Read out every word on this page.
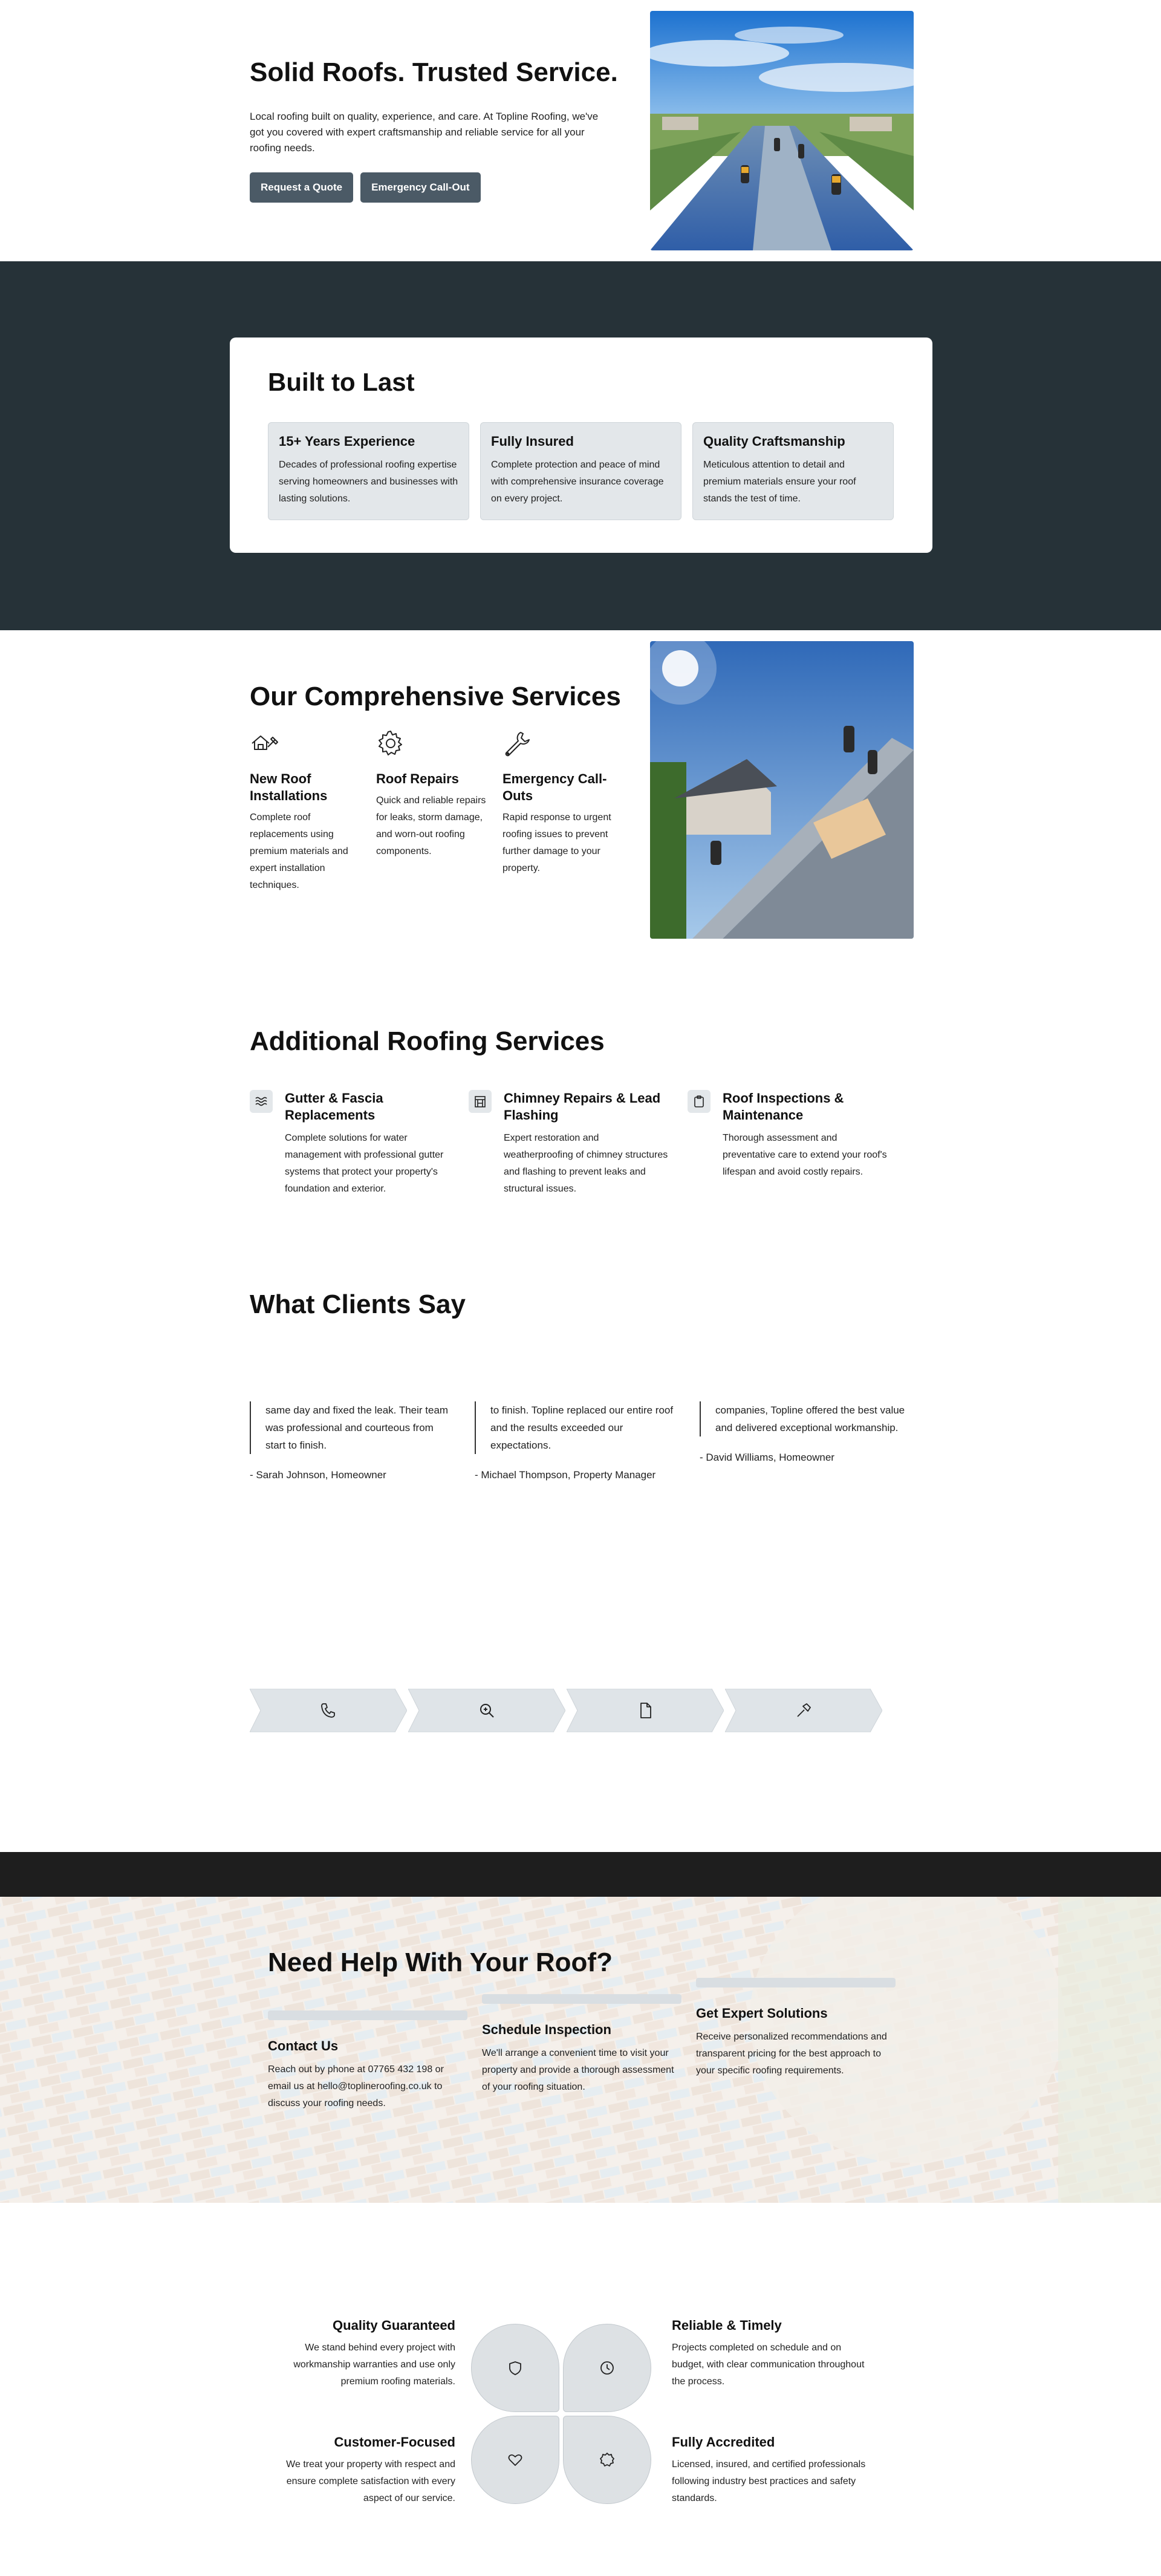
Solid Roofs. Trusted Service.

Local roofing built on quality, experience, and care. At Topline Roofing, we've got you covered with expert craftsmanship and reliable service for all your roofing needs.

Request a Quote	Emergency Call-Out
Built to Last
15+ Years Experience

Decades of professional roofing expertise serving homeowners and businesses with lasting solutions.

Fully Insured

Complete protection and peace of mind with comprehensive insurance coverage on every project.

Quality Craftsmanship

Meticulous attention to detail and premium materials ensure your roof stands the test of time.

Our Comprehensive Services
New Roof Installations

Complete roof replacements using premium materials and expert installation techniques.

Roof Repairs

Quick and reliable repairs for leaks, storm damage, and worn-out roofing components.

Emergency Call-Outs

Rapid response to urgent roofing issues to prevent further damage to your property.

Additional Roofing Services
Gutter & Fascia Replacements

Complete solutions for water management with professional gutter systems that protect your property's foundation and exterior.

Chimney Repairs & Lead Flashing

Expert restoration and weatherproofing of chimney structures and flashing to prevent leaks and structural issues.

Roof Inspections & Maintenance

Thorough assessment and preventative care to extend your roof's lifespan and avoid costly repairs.

What Clients Say
same day and fixed the leak. Their team was professional and courteous from start to finish.
- Sarah Johnson, Homeowner
to finish. Topline replaced our entire roof and the results exceeded our expectations.
- Michael Thompson, Property Manager
companies, Topline offered the best value and delivered exceptional workmanship.
- David Williams, Homeowner
Need Help With Your Roof?
Contact Us

Reach out by phone at 07765 432 198 or email us at hello@toplineroofing.co.uk to discuss your roofing needs.

Schedule Inspection

We'll arrange a convenient time to visit your property and provide a thorough assessment of your roofing situation.

Get Expert Solutions

Receive personalized recommendations and transparent pricing for the best approach to your specific roofing requirements.

Quality Guaranteed

We stand behind every project with workmanship warranties and use only premium roofing materials.

Customer-Focused

We treat your property with respect and ensure complete satisfaction with every aspect of our service.

Reliable & Timely

Projects completed on schedule and on budget, with clear communication throughout the process.

Fully Accredited

Licensed, insured, and certified professionals following industry best practices and safety standards.
